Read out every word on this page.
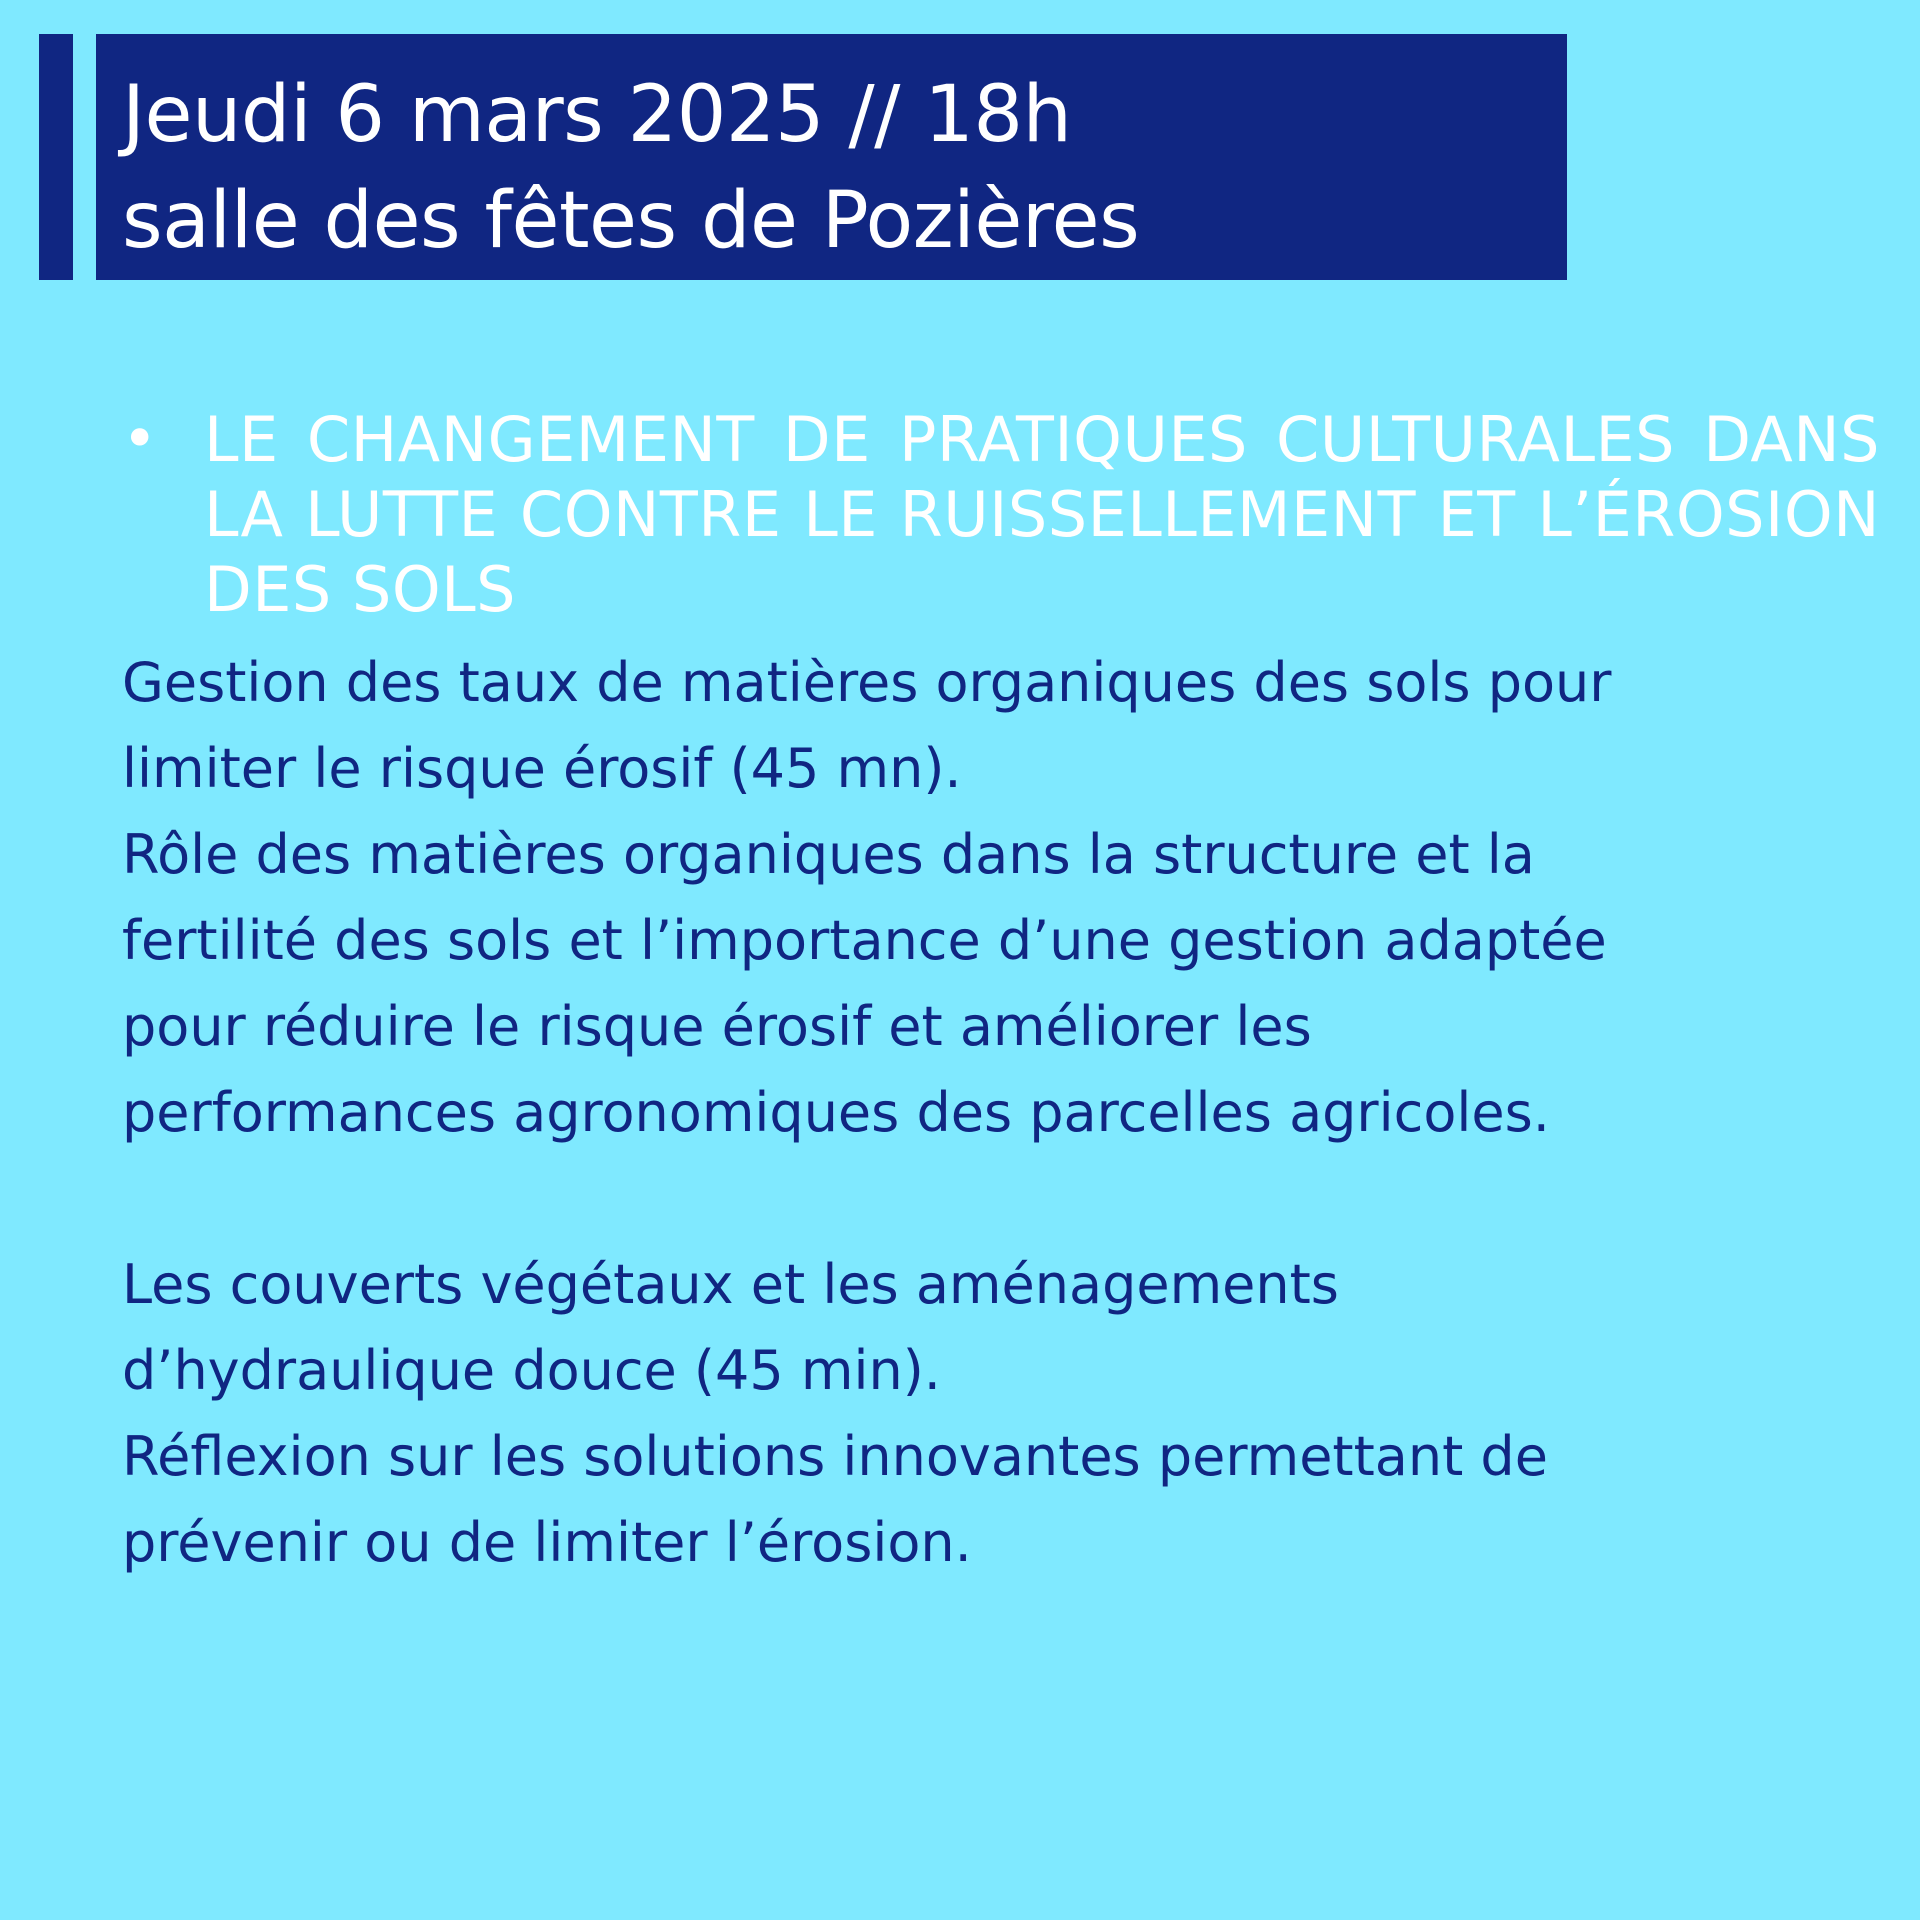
Jeudi 6 mars 2025 // 18h
salle des fêtes de Pozières
• LE CHANGEMENT DE PRATIQUES CULTURALES DANS LA LUTTE CONTRE LE RUISSELLEMENT ET L’ÉROSION DES SOLS

Gestion des taux de matières organiques des sols pour

limiter le risque érosif (45 mn).

Rôle des matières organiques dans la structure et la

fertilité des sols et l’importance d’une gestion adaptée

pour réduire le risque érosif et améliorer les

performances agronomiques des parcelles agricoles.

Les couverts végétaux et les aménagements

d’hydraulique douce (45 min).

Réflexion sur les solutions innovantes permettant de

prévenir ou de limiter l’érosion.
